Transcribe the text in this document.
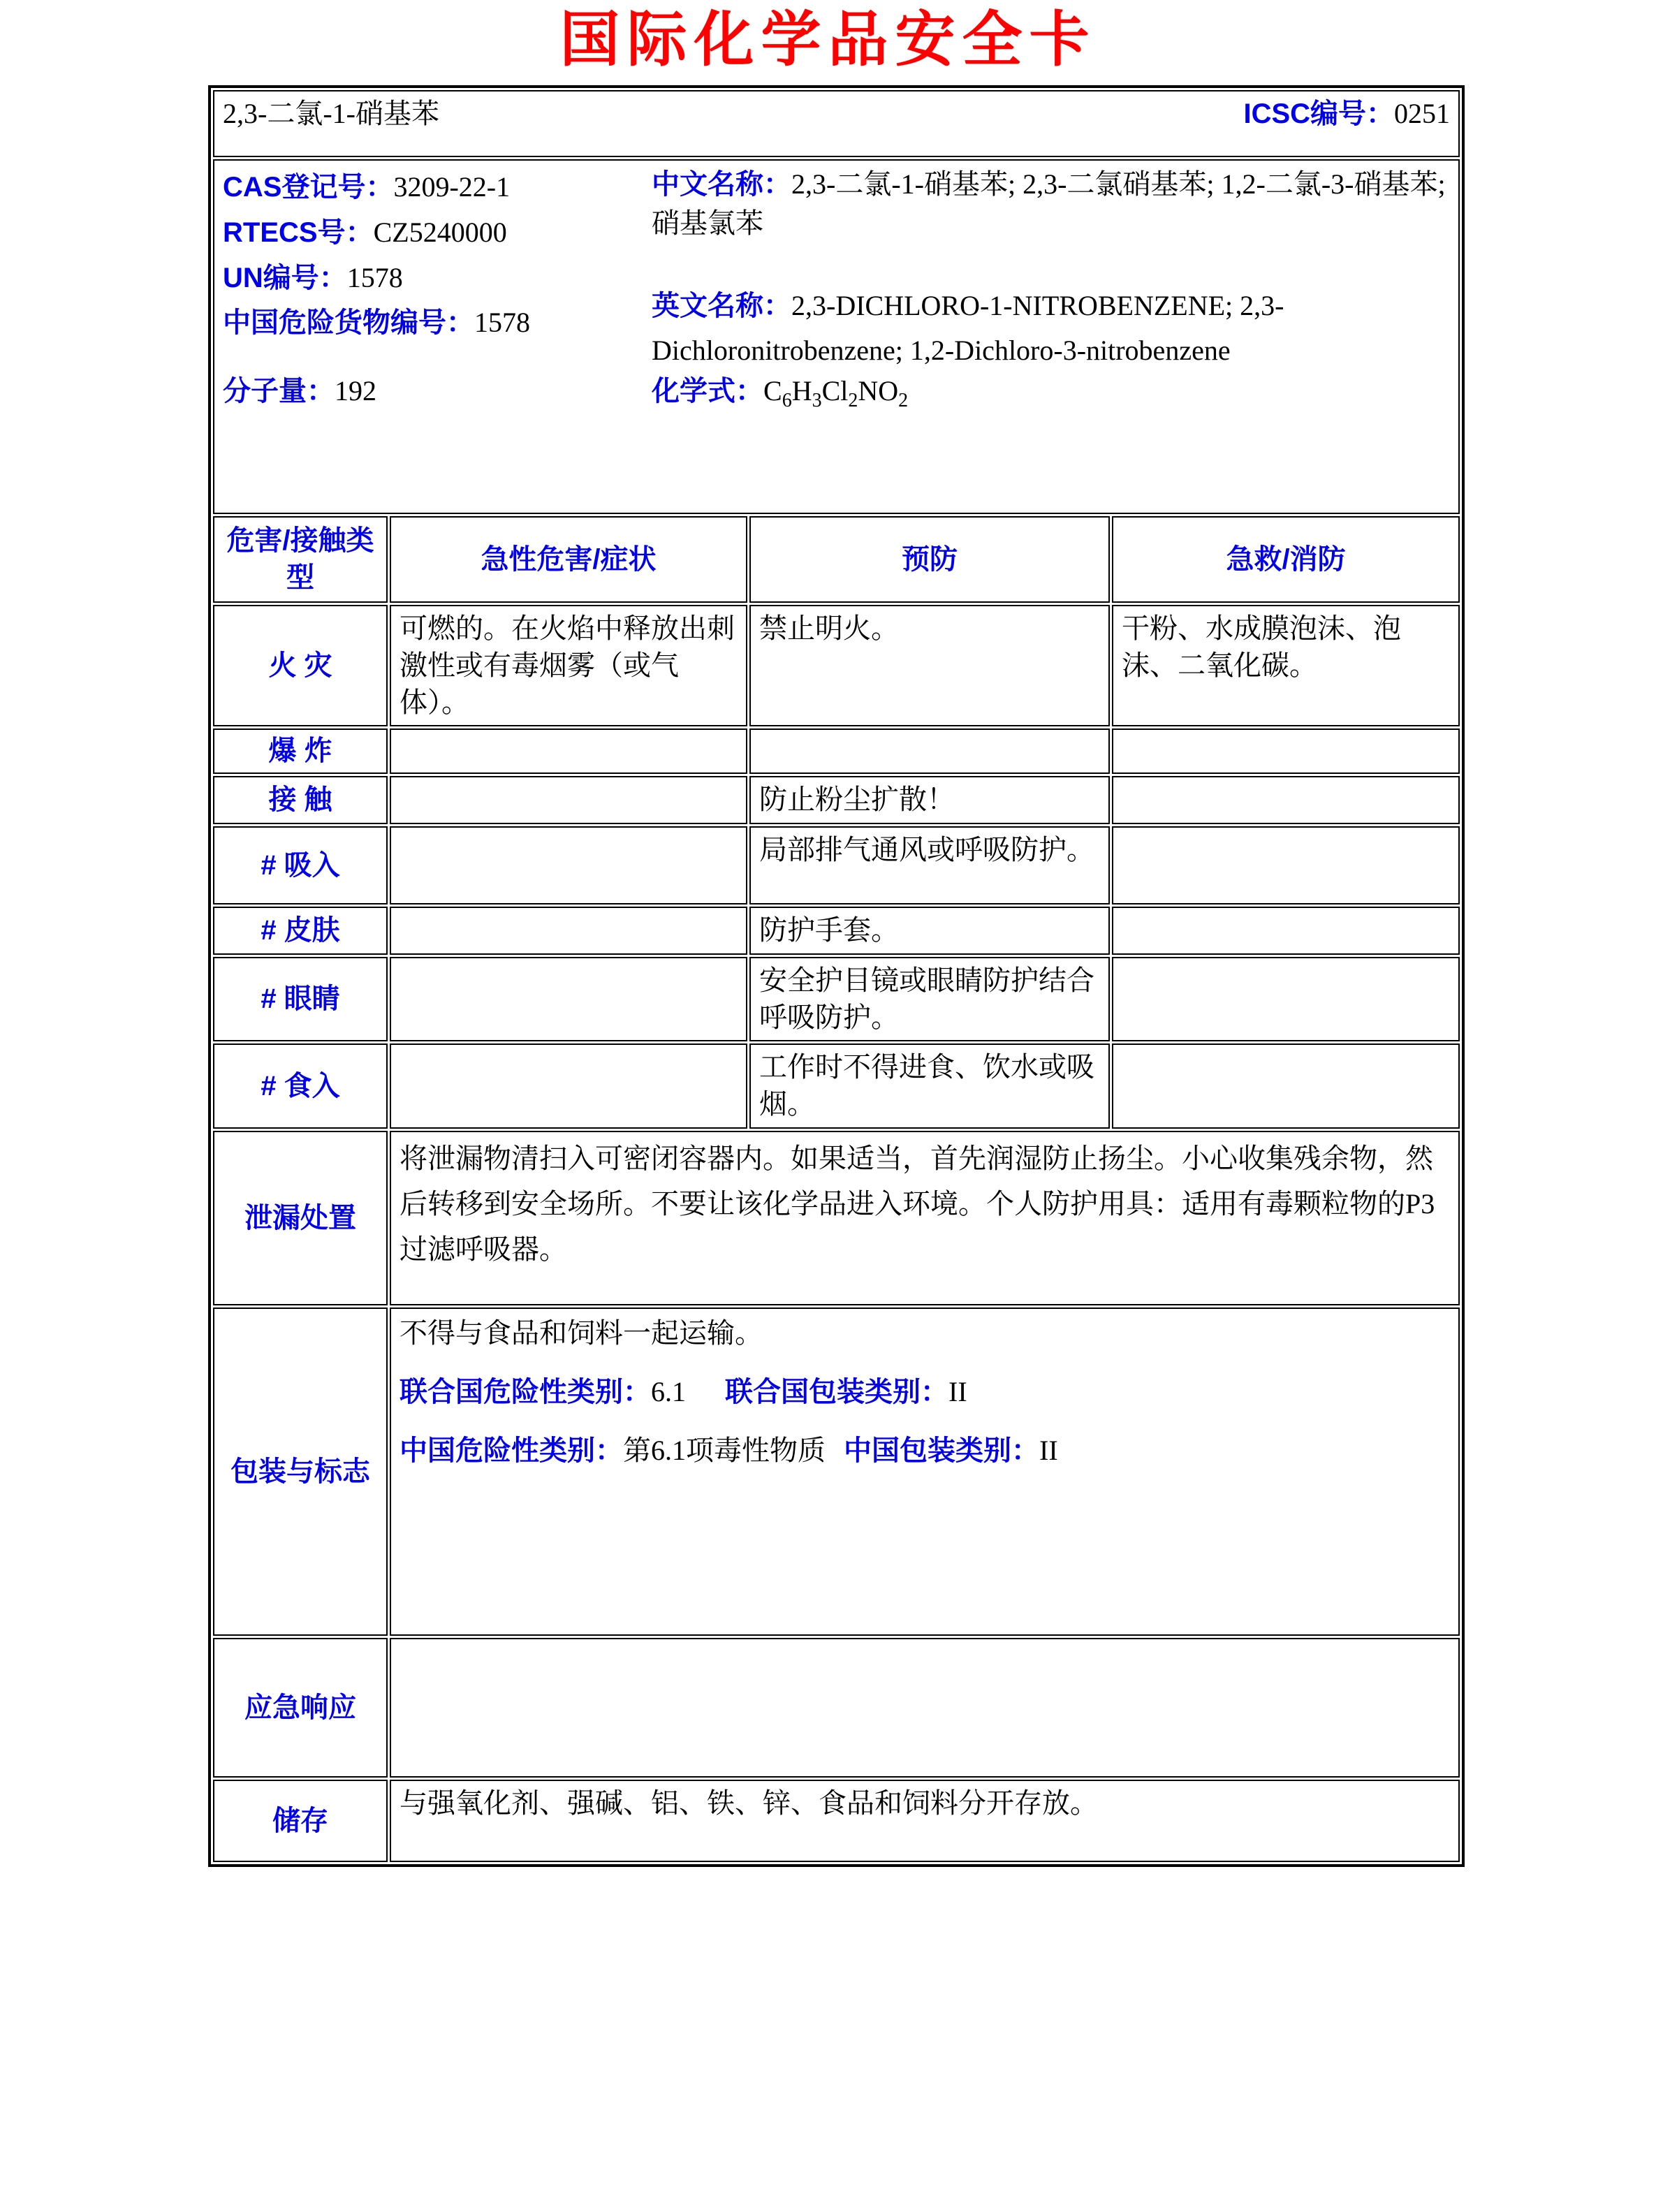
国际化学品安全卡
2,3-二氯-1-硝基苯 ICSC编号：0251			

CAS登记号：3209-22-1
RTECS号：CZ5240000
UN编号：1578
中国危险货物编号：1578
中文名称：2,3-二氯-1-硝基苯; 2,3-二氯硝基苯; 1,2-二氯-3-硝基苯; 硝基氯苯
英文名称：2,3-DICHLORO-1-NITROBENZENE; 2,3-Dichloronitrobenzene; 1,2-Dichloro-3-nitrobenzene
分子量：192	化学式：$C_6H_3Cl_2NO_2$

危害/接触类型	急性危害/症状	预防	急救/消防
火 灾	可燃的。在火焰中释放出刺激性或有毒烟雾（或气体）。	禁止明火。	干粉、水成膜泡沫、泡沫、二氧化碳。
爆 炸			
接 触		防止粉尘扩散！	
# 吸入		局部排气通风或呼吸防护。	
# 皮肤		防护手套。	
# 眼睛		安全护目镜或眼睛防护结合呼吸防护。	
# 食入		工作时不得进食、饮水或吸烟。	
泄漏处置	将泄漏物清扫入可密闭容器内。如果适当，首先润湿防止扬尘。小心收集残余物，然后转移到安全场所。不要让该化学品进入环境。个人防护用具：适用有毒颗粒物的P3过滤呼吸器。		
包装与标志	不得与食品和饲料一起运输。
联合国危险性类别：6.1 联合国包装类别：II
中国危险性类别：第6.1项毒性物质 中国包装类别：II		

应急响应			
储存	与强氧化剂、强碱、铝、铁、锌、食品和饲料分开存放。		
